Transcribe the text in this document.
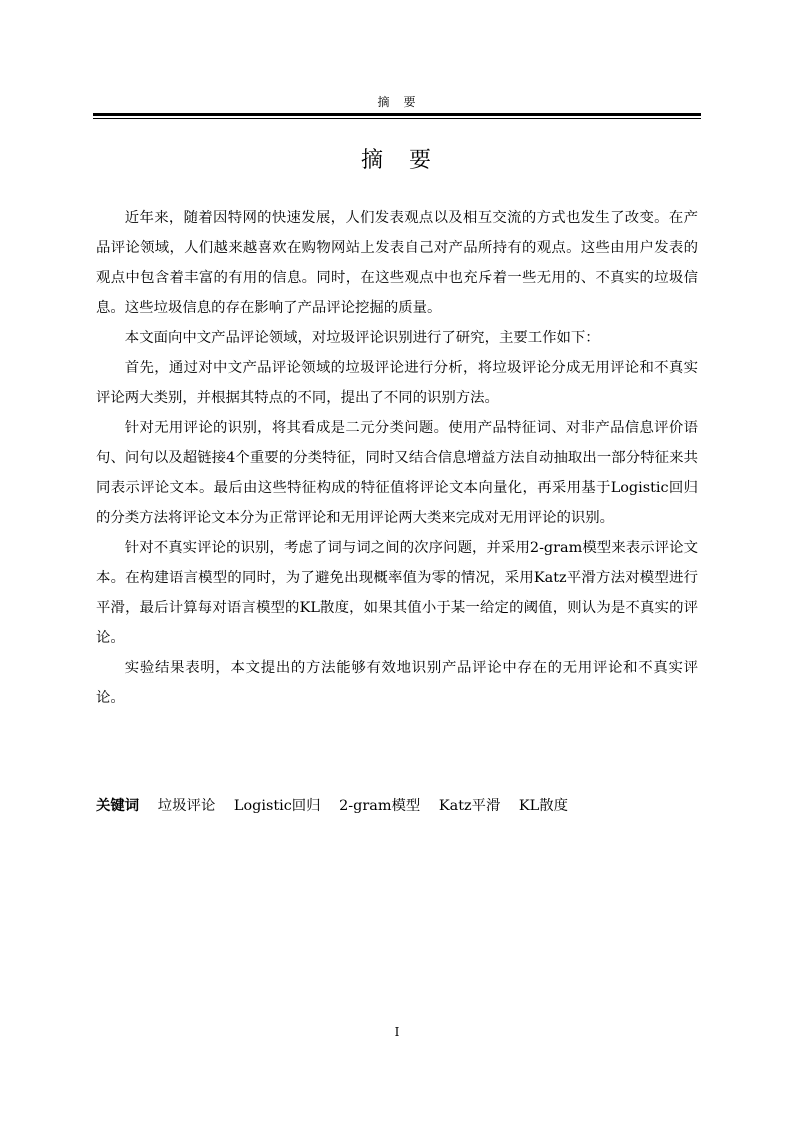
摘　要
摘　要

近年来，随着因特网的快速发展，人们发表观点以及相互交流的方式也发生了改变。在产品评论领域，人们越来越喜欢在购物网站上发表自己对产品所持有的观点。这些由用户发表的观点中包含着丰富的有用的信息。同时，在这些观点中也充斥着一些无用的、不真实的垃圾信息。这些垃圾信息的存在影响了产品评论挖掘的质量。

本文面向中文产品评论领域，对垃圾评论识别进行了研究，主要工作如下：

首先，通过对中文产品评论领域的垃圾评论进行分析，将垃圾评论分成无用评论和不真实评论两大类别，并根据其特点的不同，提出了不同的识别方法。

针对无用评论的识别，将其看成是二元分类问题。使用产品特征词、对非产品信息评价语句、问句以及超链接4个重要的分类特征，同时又结合信息增益方法自动抽取出一部分特征来共同表示评论文本。最后由这些特征构成的特征值将评论文本向量化，再采用基于Logistic回归的分类方法将评论文本分为正常评论和无用评论两大类来完成对无用评论的识别。

针对不真实评论的识别，考虑了词与词之间的次序问题，并采用2-gram模型来表示评论文本。在构建语言模型的同时，为了避免出现概率值为零的情况，采用Katz平滑方法对模型进行平滑，最后计算每对语言模型的KL散度，如果其值小于某一给定的阈值，则认为是不真实的评论。

实验结果表明，本文提出的方法能够有效地识别产品评论中存在的无用评论和不真实评论。

关键词 垃圾评论 Logistic回归 2-gram模型 Katz平滑 KL散度
I
